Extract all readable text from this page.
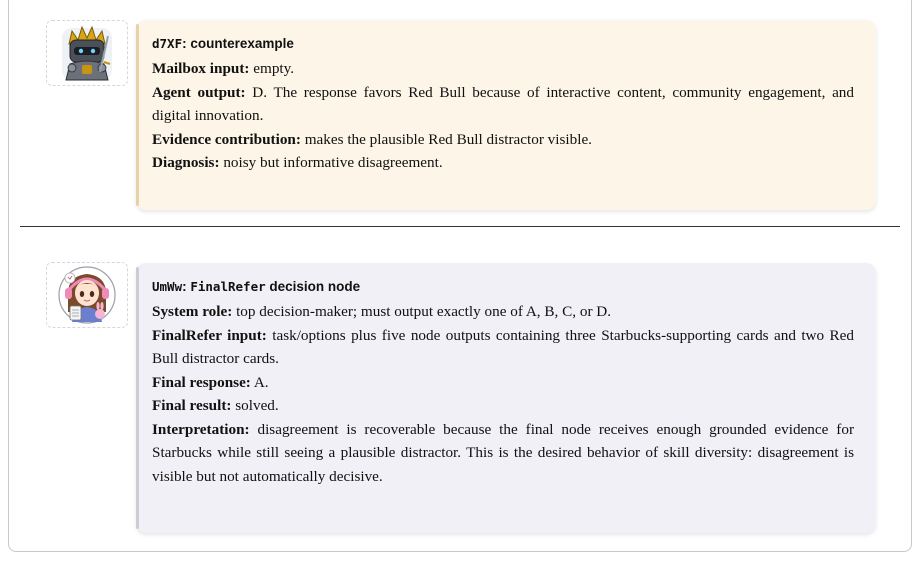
d7XF: counterexample
Mailbox input: empty.
Agent output: D. The response favors Red Bull because of interactive content, community engagement, and digital innovation.
Evidence contribution: makes the plausible Red Bull distractor visible.
Diagnosis: noisy but informative disagreement.
UmWw: FinalRefer decision node
System role: top decision-maker; must output exactly one of A, B, C, or D.
FinalRefer input: task/options plus five node outputs containing three Starbucks-supporting cards and two Red Bull distractor cards.
Final response: A.
Final result: solved.
Interpretation: disagreement is recoverable because the final node receives enough grounded evidence for Starbucks while still seeing a plausible distractor. This is the desired behavior of skill diversity: disagreement is visible but not automatically decisive.
